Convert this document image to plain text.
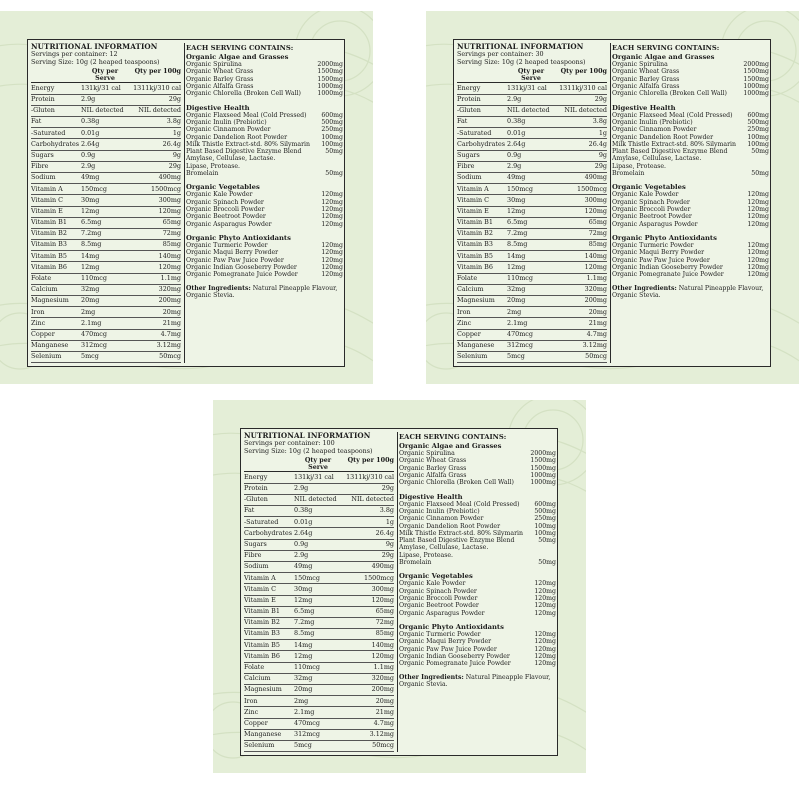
NUTRITIONAL INFORMATION
Servings per container: 12
Serving Size: 10g (2 heaped teaspoons)
Qty per Serve
Qty per 100g
Energy	131kj/31 cal	1311kj/310 cal
Protein	2.9g	29g
-Gluten	NIL detected	NIL detected
Fat	0.38g	3.8g
-Saturated	0.01g	1g
Carbohydrates 2.64g	26.4g
Sugars	0.9g	9g
Fibre	2.9g	29g
Sodium	49mg	490mg
Vitamin A	150mcg	1500mcg
Vitamin C	30mg	300mg
Vitamin E	12mg	120mg
Vitamin B1	6.5mg	65mg
Vitamin B2	7.2mg	72mg
Vitamin B3	8.5mg	85mg
Vitamin B5	14mg	140mg
Vitamin B6	12mg	120mg
Folate	110mcg	1.1mg
Calcium	32mg	320mg
Magnesium	20mg	200mg
Iron	2mg	20mg
Zinc	2.1mg	21mg
Copper	470mcg	4.7mg
Manganese	312mcg	3.12mg
Selenium	5mcg	50mcg
EACH SERVING CONTAINS:
Organic Algae and Grasses
Organic Spirulina	2000mg
Organic Wheat Grass	1500mg
Organic Barley Grass	1500mg
Organic Alfalfa Grass	1000mg
Organic Chlorella (Broken Cell Wall)	1000mg
Digestive Health
Organic Flaxseed Meal (Cold Pressed)	600mg
Organic Inulin (Prebiotic)	500mg
Organic Cinnamon Powder	250mg
Organic Dandelion Root Powder	100mg
Milk Thistle Extract-std. 80% Silymarin	100mg
Plant Based Digestive Enzyme Blend	50mg
Amylase, Cellulase, Lactase.
Lipase, Protease.
Bromelain	50mg
Organic Vegetables
Organic Kale Powder	120mg
Organic Spinach Powder	120mg
Organic Broccoli Powder	120mg
Organic Beetroot Powder	120mg
Organic Asparagus Powder	120mg
Organic Phyto Antioxidants
Organic Turmeric Powder	120mg
Organic Maqui Berry Powder	120mg
Organic Paw Paw Juice Powder	120mg
Organic Indian Gooseberry Powder	120mg
Organic Pomegranate Juice Powder	120mg
Other Ingredients: Natural Pineapple Flavour, Organic Stevia.
NUTRITIONAL INFORMATION
Servings per container: 30
Serving Size: 10g (2 heaped teaspoons)
Qty per Serve
Qty per 100g
Energy	131kj/31 cal	1311kj/310 cal
Protein	2.9g	29g
-Gluten	NIL detected	NIL detected
Fat	0.38g	3.8g
-Saturated	0.01g	1g
Carbohydrates 2.64g	26.4g
Sugars	0.9g	9g
Fibre	2.9g	29g
Sodium	49mg	490mg
Vitamin A	150mcg	1500mcg
Vitamin C	30mg	300mg
Vitamin E	12mg	120mg
Vitamin B1	6.5mg	65mg
Vitamin B2	7.2mg	72mg
Vitamin B3	8.5mg	85mg
Vitamin B5	14mg	140mg
Vitamin B6	12mg	120mg
Folate	110mcg	1.1mg
Calcium	32mg	320mg
Magnesium	20mg	200mg
Iron	2mg	20mg
Zinc	2.1mg	21mg
Copper	470mcg	4.7mg
Manganese	312mcg	3.12mg
Selenium	5mcg	50mcg
EACH SERVING CONTAINS:
Organic Algae and Grasses
Organic Spirulina	2000mg
Organic Wheat Grass	1500mg
Organic Barley Grass	1500mg
Organic Alfalfa Grass	1000mg
Organic Chlorella (Broken Cell Wall)	1000mg
Digestive Health
Organic Flaxseed Meal (Cold Pressed)	600mg
Organic Inulin (Prebiotic)	500mg
Organic Cinnamon Powder	250mg
Organic Dandelion Root Powder	100mg
Milk Thistle Extract-std. 80% Silymarin	100mg
Plant Based Digestive Enzyme Blend	50mg
Amylase, Cellulase, Lactase.
Lipase, Protease.
Bromelain	50mg
Organic Vegetables
Organic Kale Powder	120mg
Organic Spinach Powder	120mg
Organic Broccoli Powder	120mg
Organic Beetroot Powder	120mg
Organic Asparagus Powder	120mg
Organic Phyto Antioxidants
Organic Turmeric Powder	120mg
Organic Maqui Berry Powder	120mg
Organic Paw Paw Juice Powder	120mg
Organic Indian Gooseberry Powder	120mg
Organic Pomegranate Juice Powder	120mg
Other Ingredients: Natural Pineapple Flavour, Organic Stevia.
NUTRITIONAL INFORMATION
Servings per container: 100
Serving Size: 10g (2 heaped teaspoons)
Qty per Serve
Qty per 100g
Energy	131kj/31 cal	1311kj/310 cal
Protein	2.9g	29g
-Gluten	NIL detected	NIL detected
Fat	0.38g	3.8g
-Saturated	0.01g	1g
Carbohydrates 2.64g	26.4g
Sugars	0.9g	9g
Fibre	2.9g	29g
Sodium	49mg	490mg
Vitamin A	150mcg	1500mcg
Vitamin C	30mg	300mg
Vitamin E	12mg	120mg
Vitamin B1	6.5mg	65mg
Vitamin B2	7.2mg	72mg
Vitamin B3	8.5mg	85mg
Vitamin B5	14mg	140mg
Vitamin B6	12mg	120mg
Folate	110mcg	1.1mg
Calcium	32mg	320mg
Magnesium	20mg	200mg
Iron	2mg	20mg
Zinc	2.1mg	21mg
Copper	470mcg	4.7mg
Manganese	312mcg	3.12mg
Selenium	5mcg	50mcg
EACH SERVING CONTAINS:
Organic Algae and Grasses
Organic Spirulina	2000mg
Organic Wheat Grass	1500mg
Organic Barley Grass	1500mg
Organic Alfalfa Grass	1000mg
Organic Chlorella (Broken Cell Wall)	1000mg
Digestive Health
Organic Flaxseed Meal (Cold Pressed)	600mg
Organic Inulin (Prebiotic)	500mg
Organic Cinnamon Powder	250mg
Organic Dandelion Root Powder	100mg
Milk Thistle Extract-std. 80% Silymarin	100mg
Plant Based Digestive Enzyme Blend	50mg
Amylase, Cellulase, Lactase.
Lipase, Protease.
Bromelain	50mg
Organic Vegetables
Organic Kale Powder	120mg
Organic Spinach Powder	120mg
Organic Broccoli Powder	120mg
Organic Beetroot Powder	120mg
Organic Asparagus Powder	120mg
Organic Phyto Antioxidants
Organic Turmeric Powder	120mg
Organic Maqui Berry Powder	120mg
Organic Paw Paw Juice Powder	120mg
Organic Indian Gooseberry Powder	120mg
Organic Pomegranate Juice Powder	120mg
Other Ingredients: Natural Pineapple Flavour, Organic Stevia.
